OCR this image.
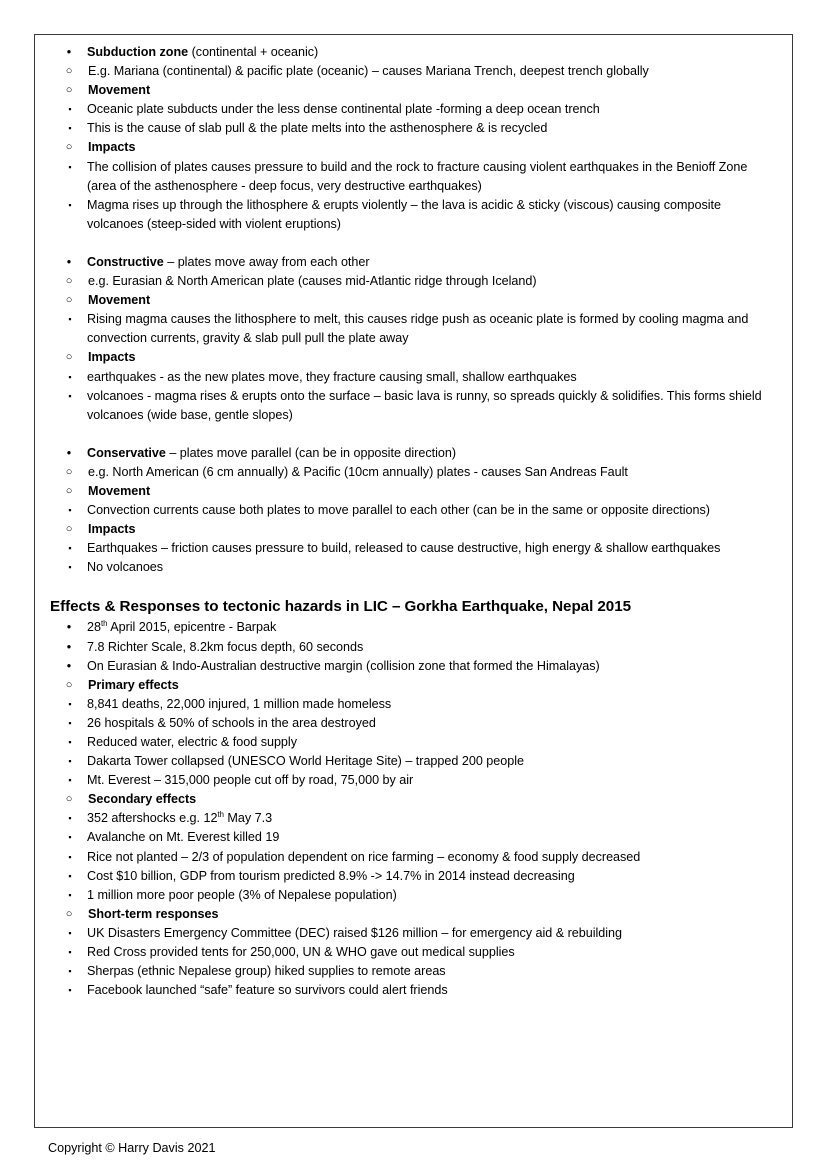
• Subduction zone (continental + oceanic)
○ E.g. Mariana (continental) & pacific plate (oceanic) – causes Mariana Trench, deepest trench globally
○ Movement
▪ Oceanic plate subducts under the less dense continental plate -forming a deep ocean trench
▪ This is the cause of slab pull & the plate melts into the asthenosphere & is recycled
○ Impacts
▪ The collision of plates causes pressure to build and the rock to fracture causing violent earthquakes in the Benioff Zone (area of the asthenosphere - deep focus, very destructive earthquakes)
▪ Magma rises up through the lithosphere & erupts violently – the lava is acidic & sticky (viscous) causing composite volcanoes (steep-sided with violent eruptions)
• Constructive – plates move away from each other
○ e.g. Eurasian & North American plate (causes mid-Atlantic ridge through Iceland)
○ Movement
▪ Rising magma causes the lithosphere to melt, this causes ridge push as oceanic plate is formed by cooling magma and convection currents, gravity & slab pull pull the plate away
○ Impacts
▪ earthquakes - as the new plates move, they fracture causing small, shallow earthquakes
▪ volcanoes - magma rises & erupts onto the surface – basic lava is runny, so spreads quickly & solidifies. This forms shield volcanoes (wide base, gentle slopes)
• Conservative – plates move parallel (can be in opposite direction)
○ e.g. North American (6 cm annually) & Pacific (10cm annually) plates - causes San Andreas Fault
○ Movement
▪ Convection currents cause both plates to move parallel to each other (can be in the same or opposite directions)
○ Impacts
▪ Earthquakes – friction causes pressure to build, released to cause destructive, high energy & shallow earthquakes
▪ No volcanoes
Effects & Responses to tectonic hazards in LIC – Gorkha Earthquake, Nepal 2015
• 28th April 2015, epicentre - Barpak
• 7.8 Richter Scale, 8.2km focus depth, 60 seconds
• On Eurasian & Indo-Australian destructive margin (collision zone that formed the Himalayas)
○ Primary effects
▪ 8,841 deaths, 22,000 injured, 1 million made homeless
▪ 26 hospitals & 50% of schools in the area destroyed
▪ Reduced water, electric & food supply
▪ Dakarta Tower collapsed (UNESCO World Heritage Site) – trapped 200 people
▪ Mt. Everest – 315,000 people cut off by road, 75,000 by air
○ Secondary effects
▪ 352 aftershocks e.g. 12th May 7.3
▪ Avalanche on Mt. Everest killed 19
▪ Rice not planted – 2/3 of population dependent on rice farming – economy & food supply decreased
▪ Cost $10 billion, GDP from tourism predicted 8.9% -> 14.7% in 2014 instead decreasing
▪ 1 million more poor people (3% of Nepalese population)
○ Short-term responses
▪ UK Disasters Emergency Committee (DEC) raised $126 million – for emergency aid & rebuilding
▪ Red Cross provided tents for 250,000, UN & WHO gave out medical supplies
▪ Sherpas (ethnic Nepalese group) hiked supplies to remote areas
▪ Facebook launched “safe” feature so survivors could alert friends
Copyright © Harry Davis 2021
